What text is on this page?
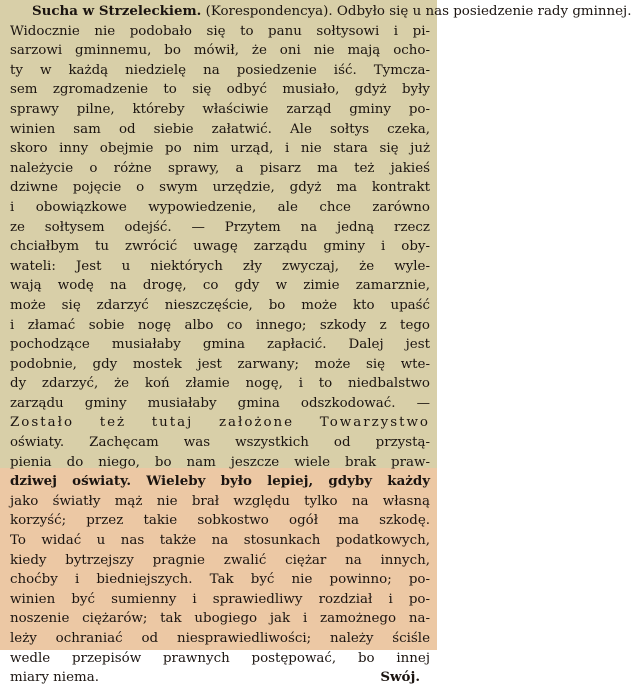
Sucha w Strzeleckiem. (Korespondencya). Odbyło się u nas posiedzenie rady gminnej.
Widocznie nie podobało się to panu sołtysowi i pi-
sarzowi gminnemu, bo mówił, że oni nie mają ocho-
ty w każdą niedzielę na posiedzenie iść. Tymcza-
sem zgromadzenie to się odbyć musiało, gdyż były
sprawy pilne, któreby właściwie zarząd gminy po-
winien sam od siebie załatwić. Ale sołtys czeka,
skoro inny obejmie po nim urząd, i nie stara się już
należycie o różne sprawy, a pisarz ma też jakieś
dziwne pojęcie o swym urzędzie, gdyż ma kontrakt
i obowiązkowe wypowiedzenie, ale chce zarówno
ze sołtysem odejść. — Przytem na jedną rzecz
chciałbym tu zwrócić uwagę zarządu gminy i oby-
wateli: Jest u niektórych zły zwyczaj, że wyle-
wają wodę na drogę, co gdy w zimie zamarznie,
może się zdarzyć nieszczęście, bo może kto upaść
i złamać sobie nogę albo co innego; szkody z tego
pochodzące musiałaby gmina zapłacić. Dalej jest
podobnie, gdy mostek jest zarwany; może się wte-
dy zdarzyć, że koń złamie nogę, i to niedbalstwo
zarządu gminy musiałaby gmina odszkodować. —
Zostało też tutaj założone Towarzystwo
oświaty. Zachęcam was wszystkich od przystą-
pienia do niego, bo nam jeszcze wiele brak praw-
dziwej oświaty. Wieleby było lepiej, gdyby każdy
jako światły mąż nie brał względu tylko na własną
korzyść; przez takie sobkostwo ogół ma szkodę.
To widać u nas także na stosunkach podatkowych,
kiedy bytrzejszy pragnie zwalić ciężar na innych,
choćby i biedniejszych. Tak być nie powinno; po-
winien być sumienny i sprawiedliwy rozdział i po-
noszenie ciężarów; tak ubogiego jak i zamożnego na-
leży ochraniać od niesprawiedliwości; należy ściśle
wedle przepisów prawnych postępować, bo innej
miary niema.	Swój.
